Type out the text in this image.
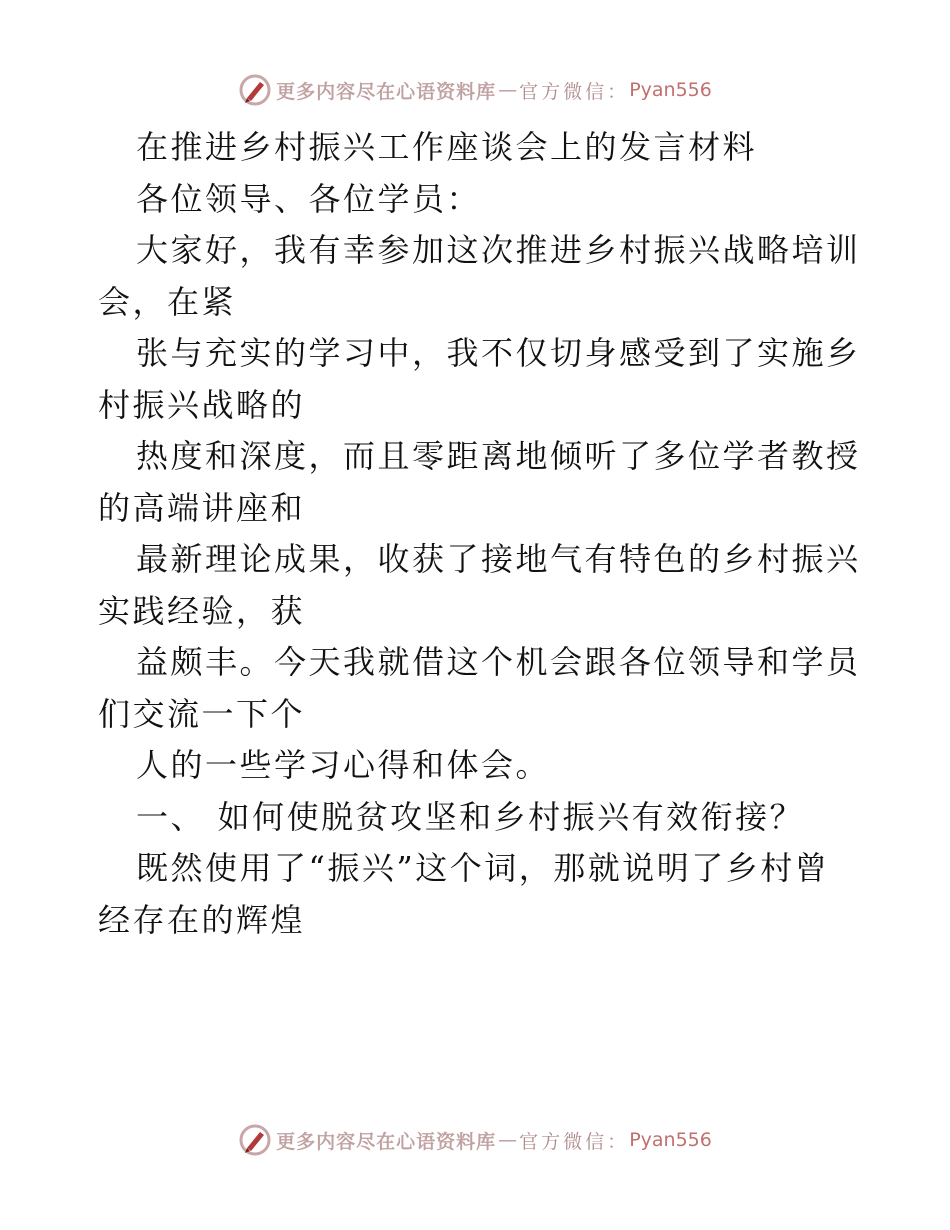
更多内容尽在心语资料库 — 官方微信： Pyan556
在推进乡村振兴工作座谈会上的发言材料
各位领导、各位学员：
大家好，我有幸参加这次推进乡村振兴战略培训
会，在紧
张与充实的学习中，我不仅切身感受到了实施乡
村振兴战略的
热度和深度，而且零距离地倾听了多位学者教授
的高端讲座和
最新理论成果，收获了接地气有特色的乡村振兴
实践经验，获
益颇丰。今天我就借这个机会跟各位领导和学员
们交流一下个
人的一些学习心得和体会。
一、 如何使脱贫攻坚和乡村振兴有效衔接？
既然使用了“振兴”这个词，那就说明了乡村曾
经存在的辉煌
更多内容尽在心语资料库 — 官方微信： Pyan556
